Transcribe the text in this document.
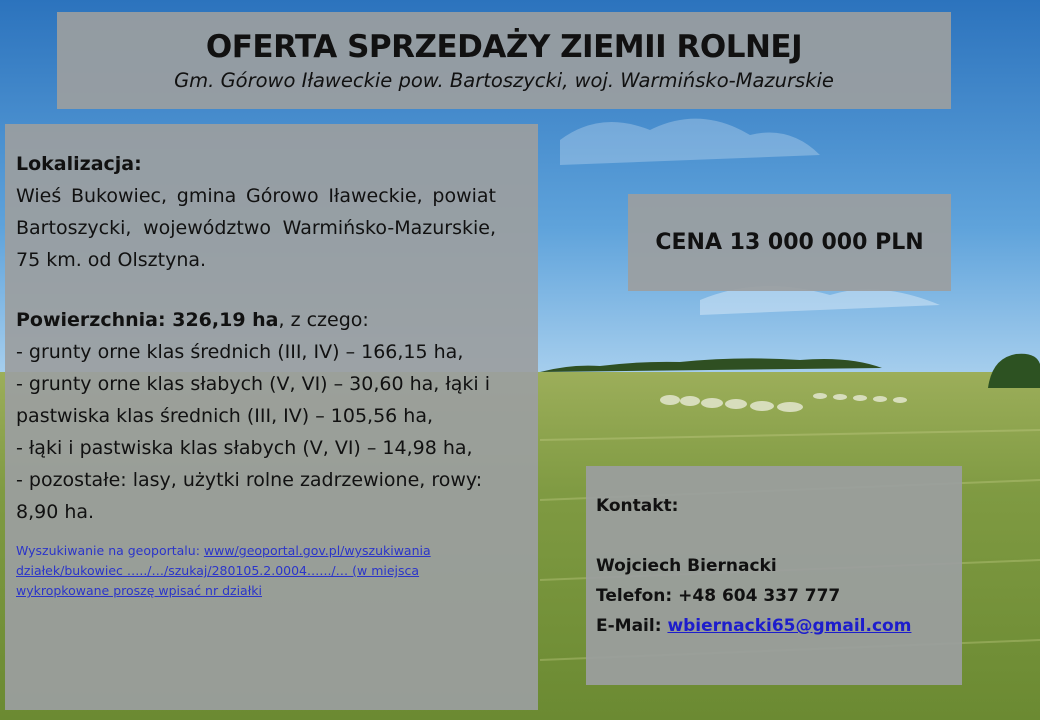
OFERTA SPRZEDAŻY ZIEMII ROLNEJ
Gm. Górowo Iławeckie pow. Bartoszycki, woj. Warmińsko-Mazurskie
Lokalizacja:
Wieś Bukowiec, gmina Górowo Iławeckie, powiat Bartoszycki, województwo Warmińsko-Mazurskie, 75 km. od Olsztyna.
Powierzchnia: 326,19 ha, z czego:
- grunty orne klas średnich (III, IV) – 166,15 ha,
- grunty orne klas słabych (V, VI) – 30,60 ha, łąki i pastwiska klas średnich (III, IV) – 105,56 ha,
- łąki i pastwiska klas słabych (V, VI) – 14,98 ha,
- pozostałe: lasy, użytki rolne zadrzewione, rowy: 8,90 ha.
Wyszukiwanie na geoportalu: www/geoportal.gov.pl/wyszukiwania działek/bukowiec …../…/szukaj/280105.2.0004.…../… (w miejsca wykropkowane proszę wpisać nr działki
CENA 13 000 000 PLN
Kontakt:
Wojciech Biernacki
Telefon: +48 604 337 777
E-Mail: wbiernacki65@gmail.com
